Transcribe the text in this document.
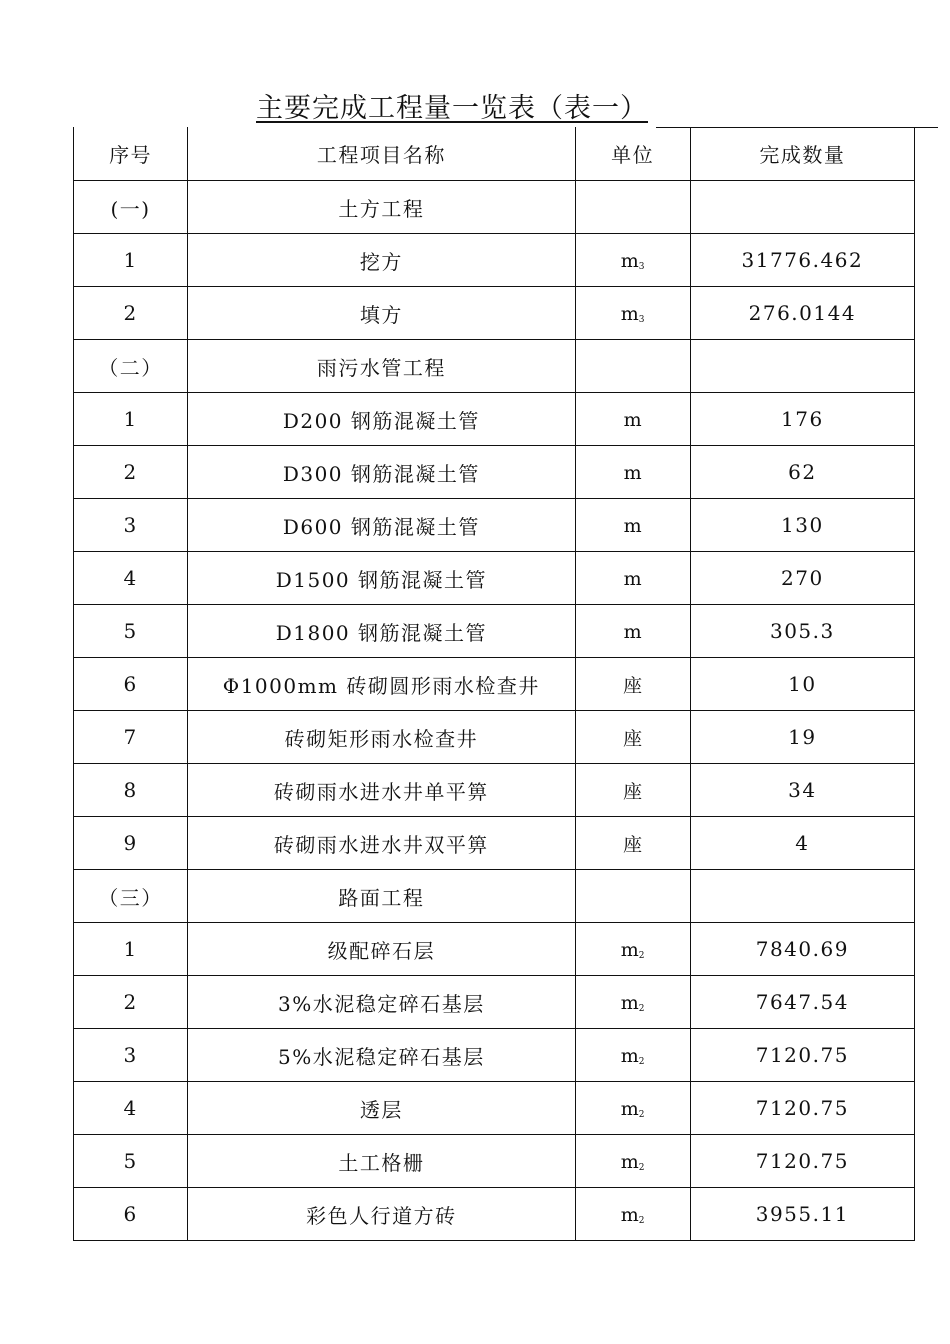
主要完成工程量一览表（表一）
序号	工程项目名称	单位	完成数量
(一)	土方工程		
1	挖方	m3	31776.462
2	填方	m3	276.0144
（二）	雨污水管工程		
1	D200 钢筋混凝土管	m	176
2	D300 钢筋混凝土管	m	62
3	D600 钢筋混凝土管	m	130
4	D1500 钢筋混凝土管	m	270
5	D1800 钢筋混凝土管	m	305.3
6	Φ1000mm 砖砌圆形雨水检查井	座	10
7	砖砌矩形雨水检查井	座	19
8	砖砌雨水进水井单平箅	座	34
9	砖砌雨水进水井双平箅	座	4
（三）	路面工程		
1	级配碎石层	m2	7840.69
2	3%水泥稳定碎石基层	m2	7647.54
3	5%水泥稳定碎石基层	m2	7120.75
4	透层	m2	7120.75
5	土工格栅	m2	7120.75
6	彩色人行道方砖	m2	3955.11
